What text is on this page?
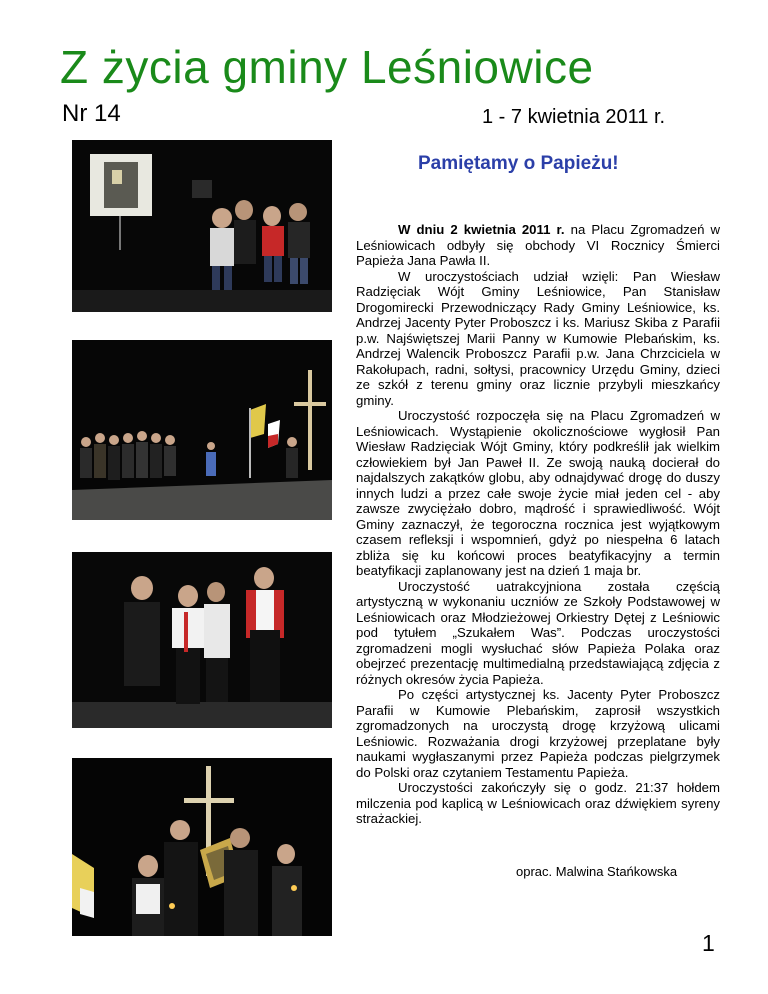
Z życia gminy Leśniowice
Nr 14	1 - 7 kwietnia 2011 r.
Pamiętamy o Papieżu!

W dniu 2 kwietnia 2011 r. na Placu Zgromadzeń w Leśniowicach odbyły się obchody VI Rocznicy Śmierci Papieża Jana Pawła II.

W uroczystościach udział wzięli: Pan Wiesław Radzięciak Wójt Gminy Leśniowice, Pan Stanisław Drogomirecki Przewodniczący Rady Gminy Leśniowice, ks. Andrzej Jacenty Pyter Proboszcz i ks. Mariusz Skiba z Parafii p.w. Najświętszej Marii Panny w Kumowie Plebańskim, ks. Andrzej Walencik Proboszcz Parafii p.w. Jana Chrzciciela w Rakołupach, radni, sołtysi, pracownicy Urzędu Gminy, dzieci ze szkół z terenu gminy oraz licznie przybyli mieszkańcy gminy.

Uroczystość rozpoczęła się na Placu Zgromadzeń w Leśniowicach. Wystąpienie okolicznościowe wygłosił Pan Wiesław Radzięciak Wójt Gminy, który podkreślił jak wielkim człowiekiem był Jan Paweł II. Ze swoją nauką docierał do najdalszych zakątków globu, aby odnajdywać drogę do duszy innych ludzi a przez całe swoje życie miał jeden cel - aby zawsze zwyciężało dobro, mądrość i sprawiedliwość. Wójt Gminy zaznaczył, że tegoroczna rocznica jest wyjątkowym czasem refleksji i wspomnień, gdyż po niespełna 6 latach zbliża się ku końcowi proces beatyfikacyjny a termin beatyfikacji zaplanowany jest na dzień 1 maja br.

Uroczystość uatrakcyjniona została częścią artystyczną w wykonaniu uczniów ze Szkoły Podstawowej w Leśniowicach oraz Młodzieżowej Orkiestry Dętej z Leśniowic pod tytułem „Szukałem Was”. Podczas uroczystości zgromadzeni mogli wysłuchać słów Papieża Polaka oraz obejrzeć prezentację multimedialną przedstawiającą zdjęcia z różnych okresów życia Papieża.

Po części artystycznej ks. Jacenty Pyter Proboszcz Parafii w Kumowie Plebańskim, zaprosił wszystkich zgromadzonych na uroczystą drogę krzyżową ulicami Leśniowic. Rozważania drogi krzyżowej przeplatane były naukami wygłaszanymi przez Papieża podczas pielgrzymek do Polski oraz czytaniem Testamentu Papieża.

Uroczystości zakończyły się o godz. 21:37 hołdem milczenia pod kaplicą w Leśniowicach oraz dźwiękiem syreny strażackiej.

oprac. Malwina Stańkowska
1
